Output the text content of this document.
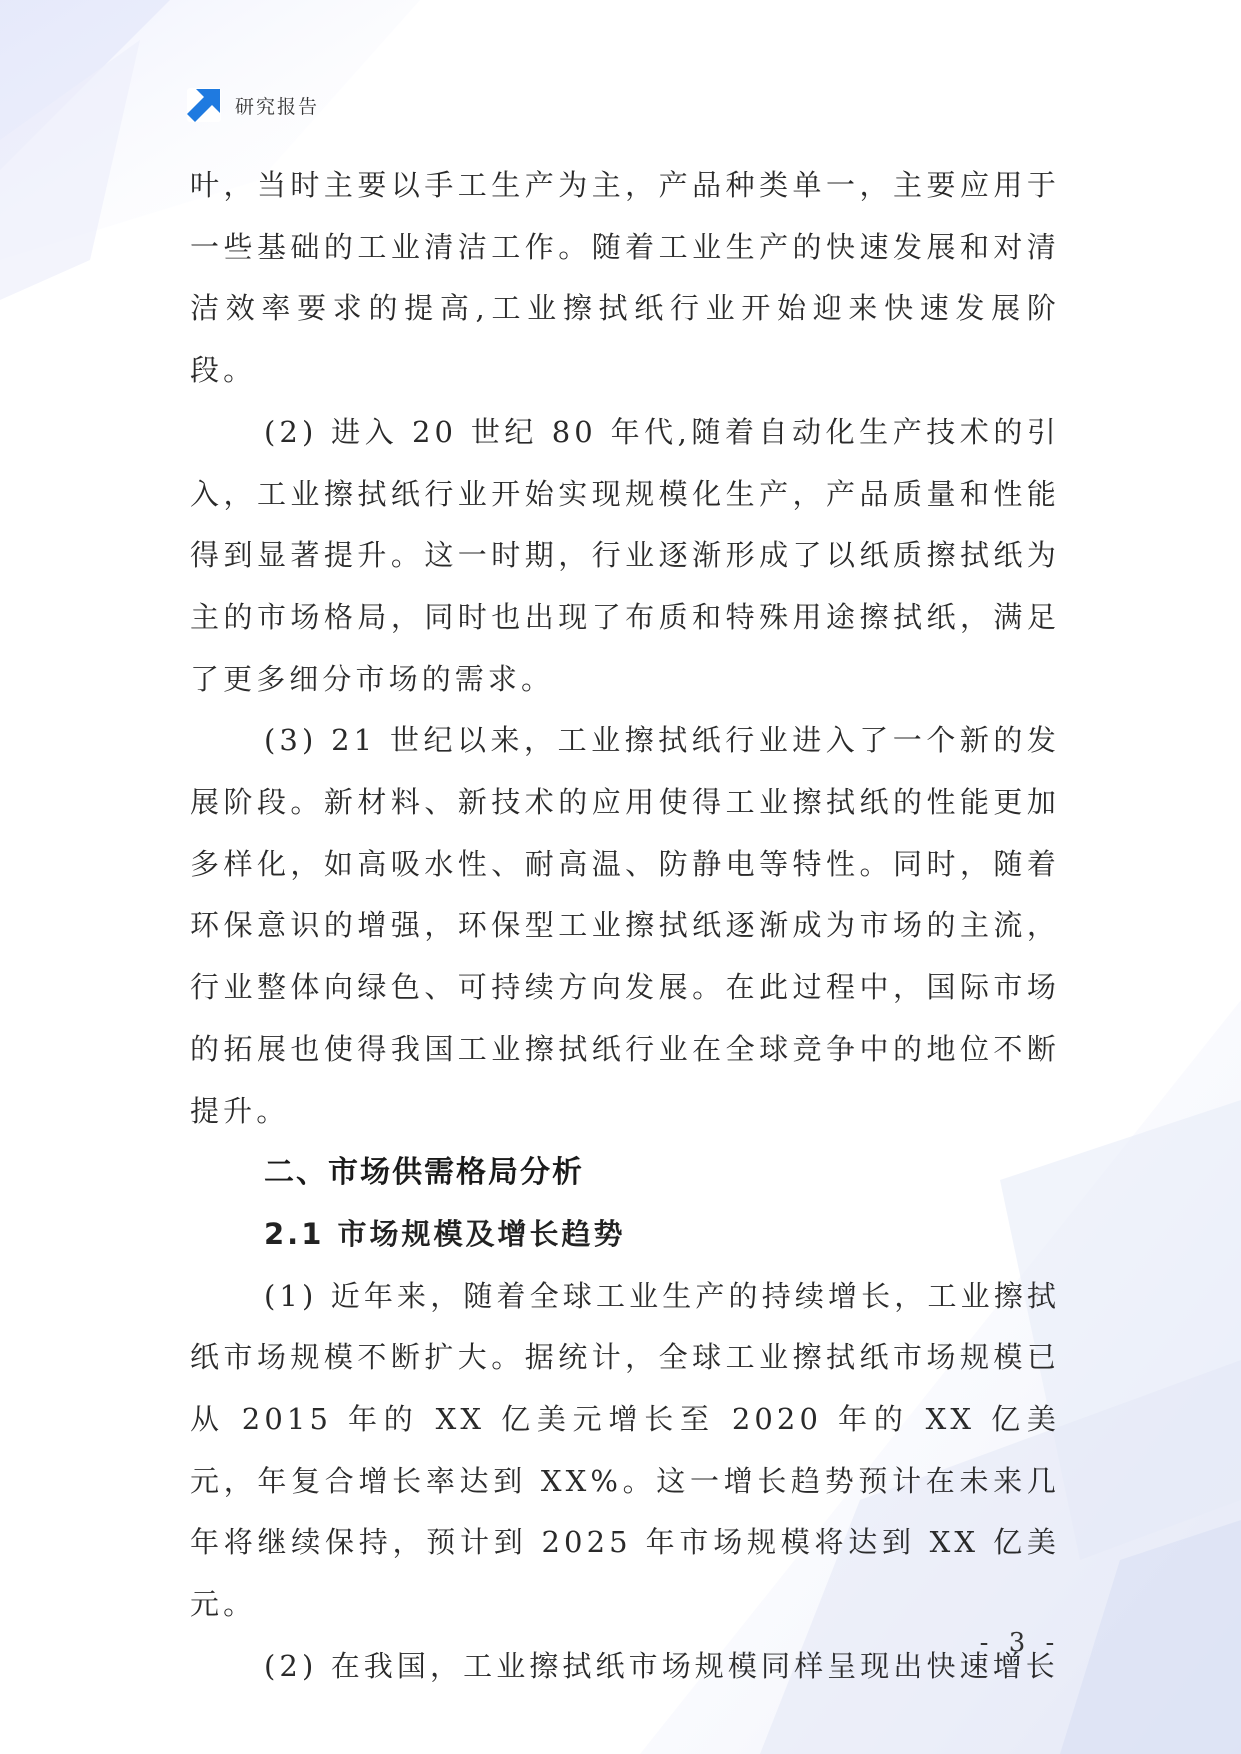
研究报告

叶，当时主要以手工生产为主，产品种类单一，主要应用于一些基础的工业清洁工作。随着工业生产的快速发展和对清洁效率要求的提高,工业擦拭纸行业开始迎来快速发展阶段。

(2) 进入 20 世纪 80 年代,随着自动化生产技术的引入，工业擦拭纸行业开始实现规模化生产，产品质量和性能得到显著提升。这一时期，行业逐渐形成了以纸质擦拭纸为主的市场格局，同时也出现了布质和特殊用途擦拭纸，满足了更多细分市场的需求。

(3) 21 世纪以来，工业擦拭纸行业进入了一个新的发展阶段。新材料、新技术的应用使得工业擦拭纸的性能更加多样化，如高吸水性、耐高温、防静电等特性。同时，随着环保意识的增强，环保型工业擦拭纸逐渐成为市场的主流，行业整体向绿色、可持续方向发展。在此过程中，国际市场的拓展也使得我国工业擦拭纸行业在全球竞争中的地位不断提升。

二、市场供需格局分析
2.1 市场规模及增长趋势

(1) 近年来，随着全球工业生产的持续增长，工业擦拭纸市场规模不断扩大。据统计，全球工业擦拭纸市场规模已从 2015 年的 XX 亿美元增长至 2020 年的 XX 亿美元，年复合增长率达到 XX%。这一增长趋势预计在未来几年将继续保持，预计到 2025 年市场规模将达到 XX 亿美元。

(2) 在我国，工业擦拭纸市场规模同样呈现出快速增长

- 3 -
